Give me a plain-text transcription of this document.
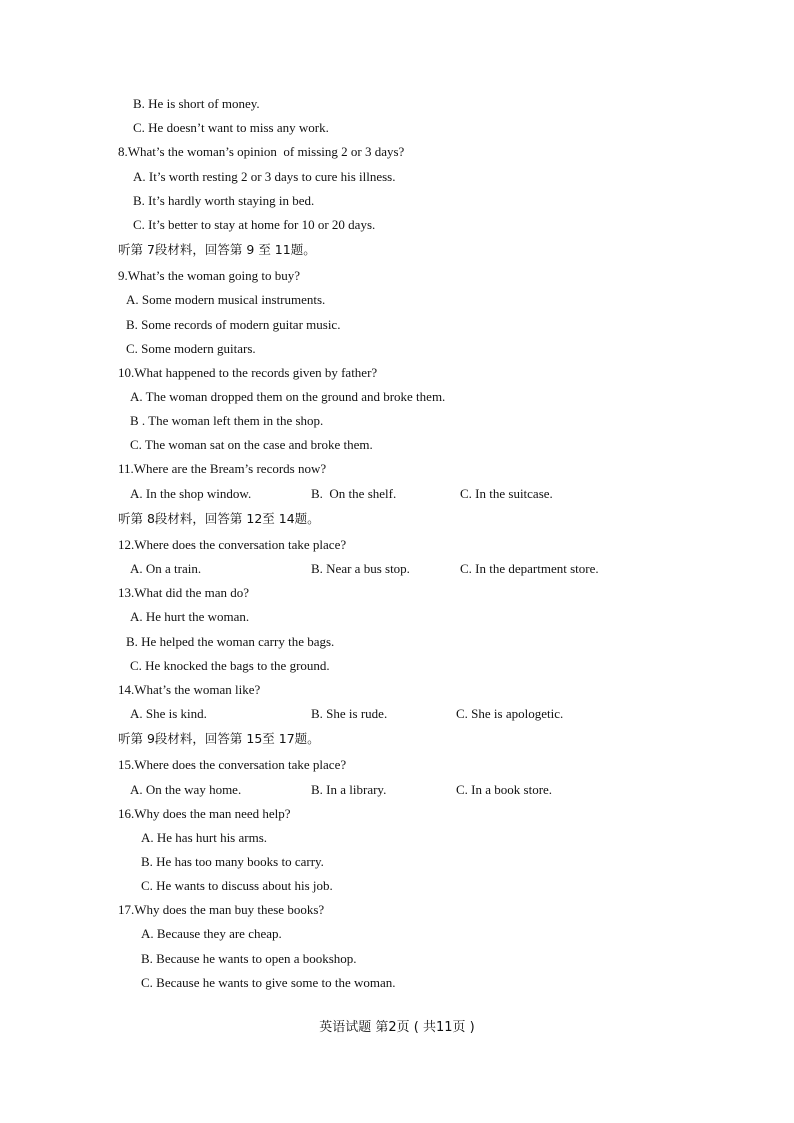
B. He is short of money.
C. He doesn’t want to miss any work.
8.What’s the woman’s opinion  of missing 2 or 3 days?
A. It’s worth resting 2 or 3 days to cure his illness.
B. It’s hardly worth staying in bed.
C. It’s better to stay at home for 10 or 20 days.
听第 7段材料，回答第 9 至 11题。
9.What’s the woman going to buy?
A. Some modern musical instruments.
B. Some records of modern guitar music.
C. Some modern guitars.
10.What happened to the records given by father?
A. The woman dropped them on the ground and broke them.
B . The woman left them in the shop.
C. The woman sat on the case and broke them.
11.Where are the Bream’s records now?
A. In the shop window.	B.  On the shelf.	C. In the suitcase.
听第 8段材料，回答第 12至 14题。
12.Where does the conversation take place?
A. On a train.	B. Near a bus stop.	C. In the department store.
13.What did the man do?
A. He hurt the woman.
B. He helped the woman carry the bags.
C. He knocked the bags to the ground.
14.What’s the woman like?
A. She is kind.	B. She is rude.	C. She is apologetic.
听第 9段材料，回答第 15至 17题。
15.Where does the conversation take place?
A. On the way home.	B. In a library.	C. In a book store.
16.Why does the man need help?
A. He has hurt his arms.
B. He has too many books to carry.
C. He wants to discuss about his job.
17.Why does the man buy these books?
A. Because they are cheap.
B. Because he wants to open a bookshop.
C. Because he wants to give some to the woman.
英语试题 第2页 ( 共11页 )
